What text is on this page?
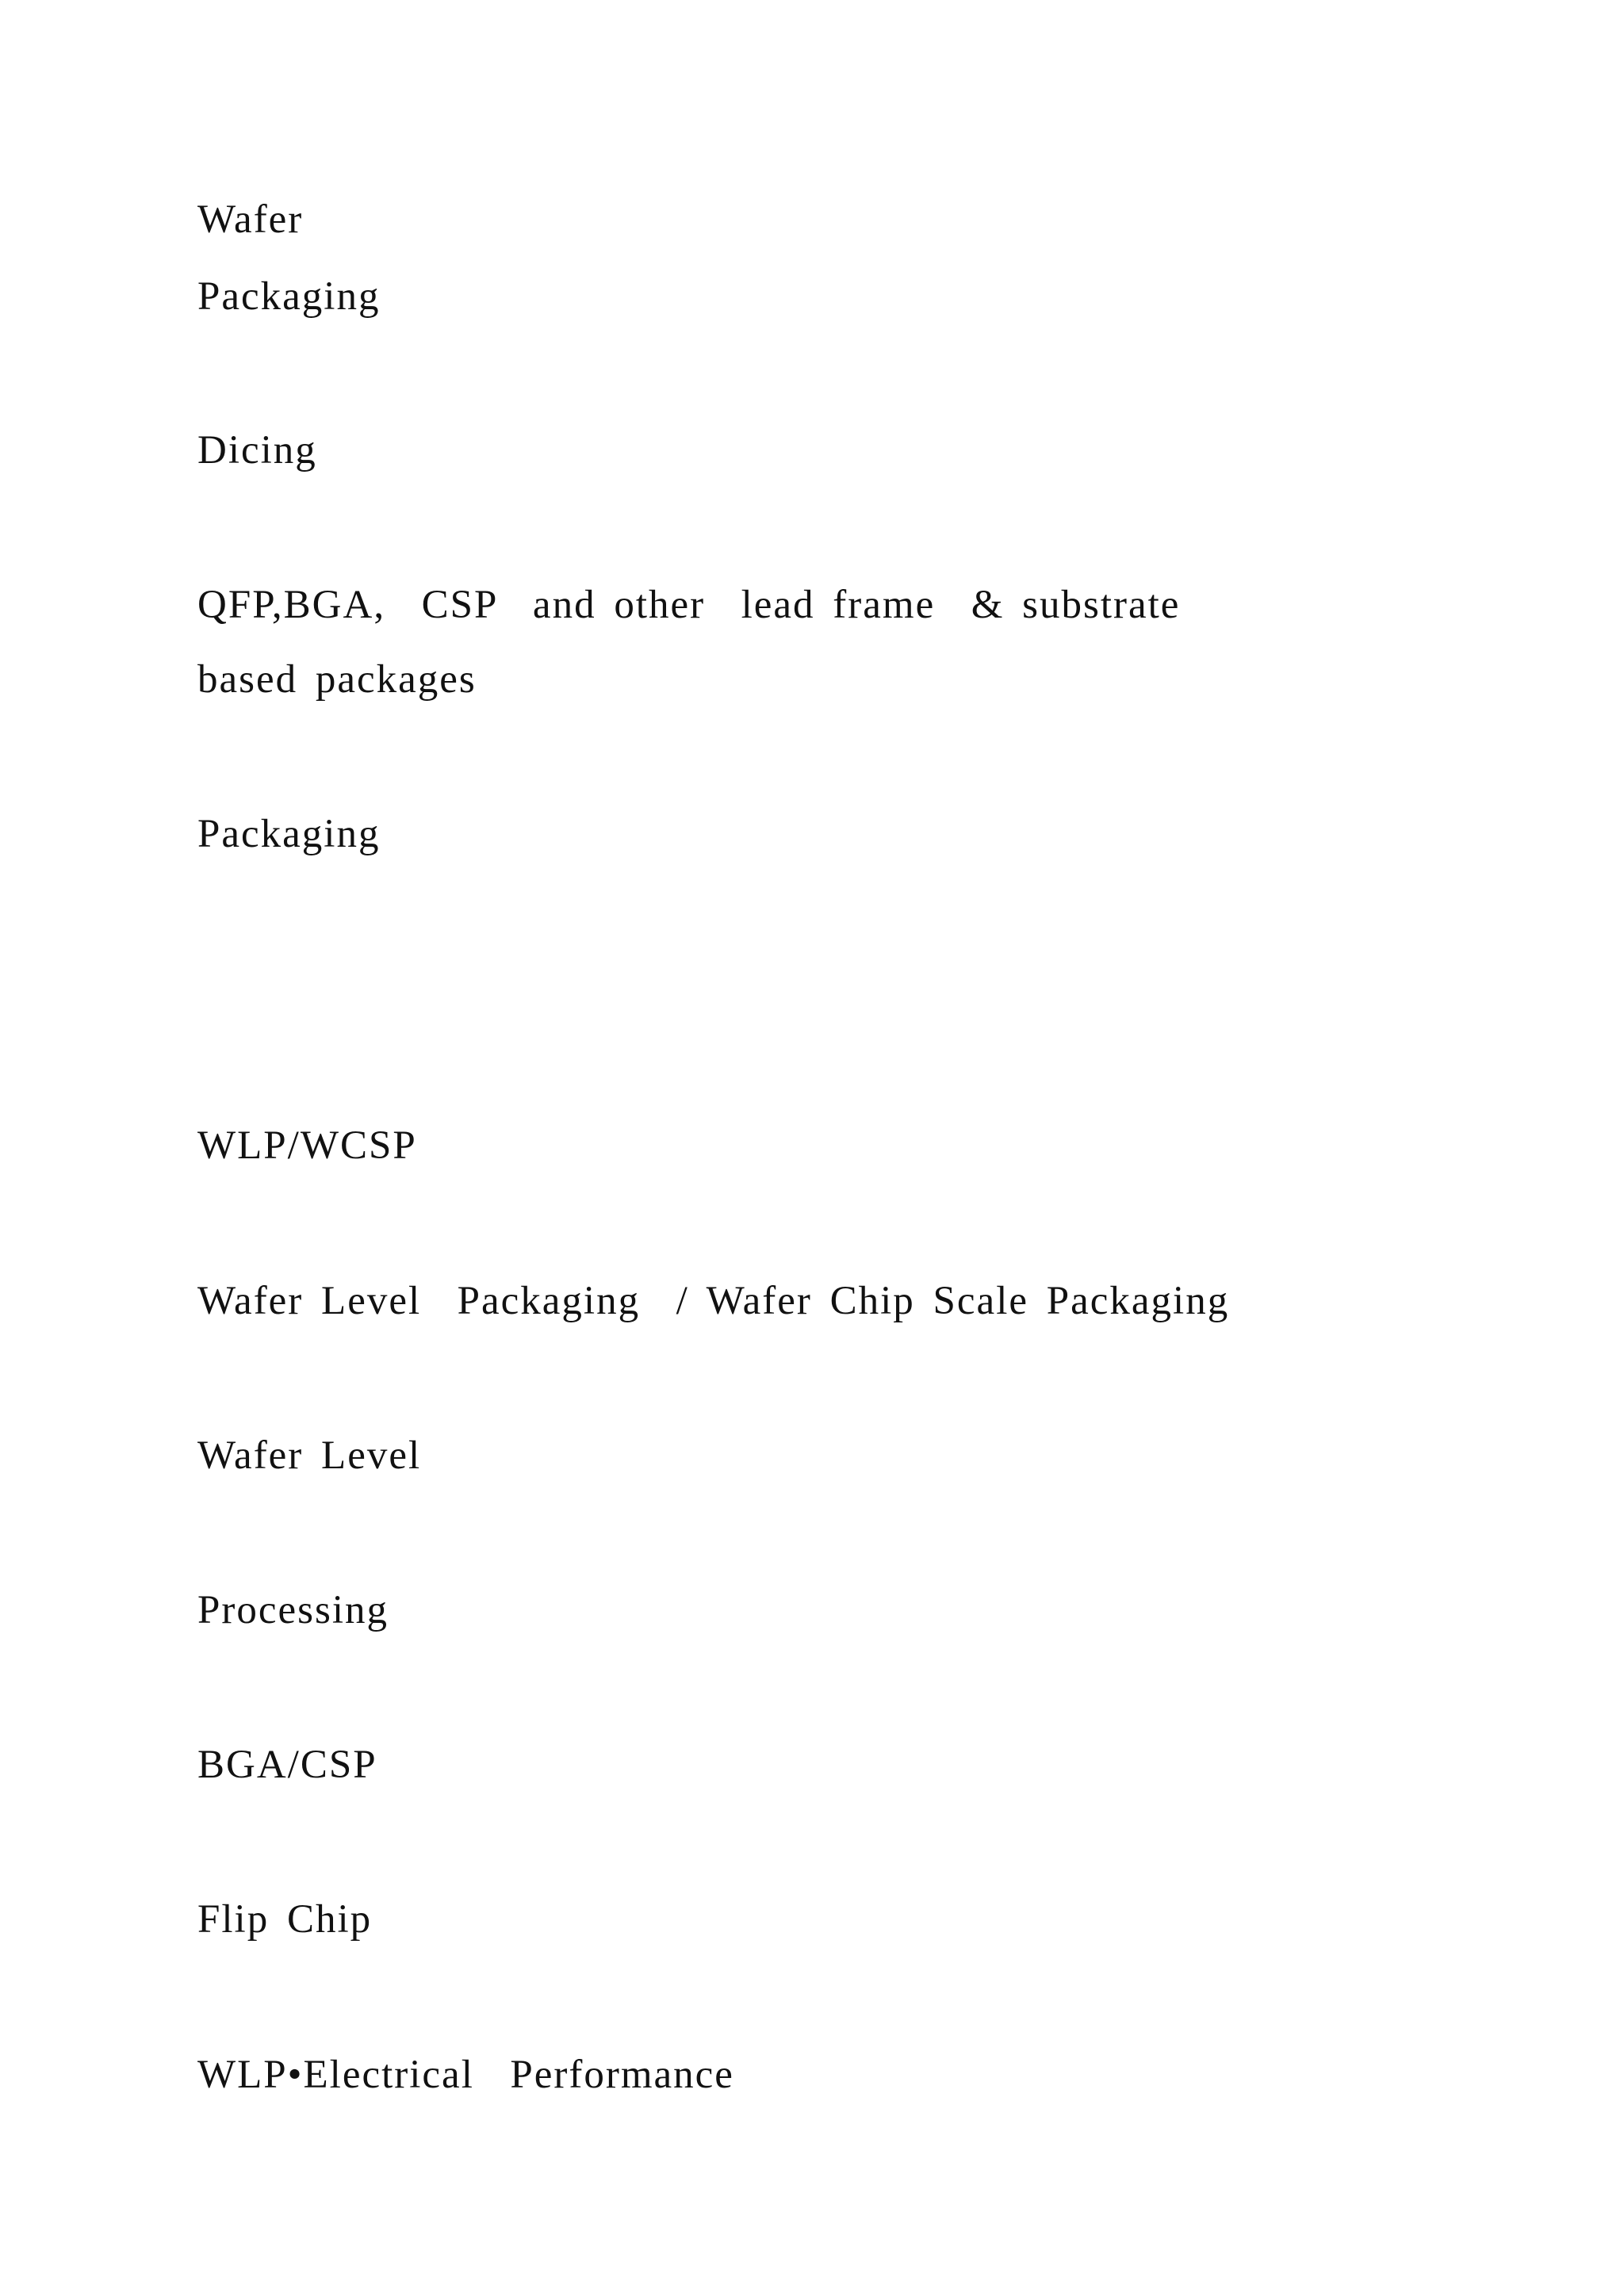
Wafer

Packaging

Dicing

QFP,BGA,  CSP  and other  lead frame  & substrate

based packages

Packaging

WLP/WCSP

Wafer Level  Packaging  / Wafer Chip Scale Packaging

Wafer Level

Processing

BGA/CSP

Flip Chip

WLP•Electrical  Performance
